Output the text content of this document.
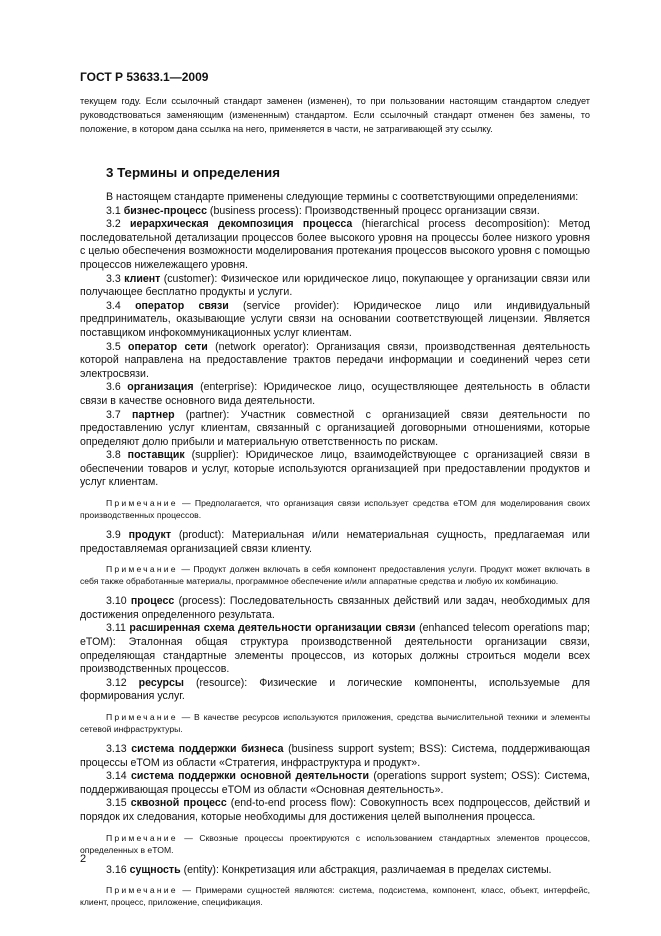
ГОСТ Р 53633.1—2009

текущем году. Если ссылочный стандарт заменен (изменен), то при пользовании настоящим стандартом следует руководствоваться заменяющим (измененным) стандартом. Если ссылочный стандарт отменен без замены, то положение, в котором дана ссылка на него, применяется в части, не затрагивающей эту ссылку.

3 Термины и определения

В настоящем стандарте применены следующие термины с соответствующими определениями:

3.1 бизнес-процесс (business process): Производственный процесс организации связи.

3.2 иерархическая декомпозиция процесса (hierarchical process decomposition): Метод последовательной детализации процессов более высокого уровня на процессы более низкого уровня с целью обеспечения возможности моделирования протекания процессов высокого уровня с помощью процессов нижележащего уровня.

3.3 клиент (customer): Физическое или юридическое лицо, покупающее у организации связи или получающее бесплатно продукты и услуги.

3.4 оператор связи (service provider): Юридическое лицо или индивидуальный предприниматель, оказывающие услуги связи на основании соответствующей лицензии. Является поставщиком инфокоммуникационных услуг клиентам.

3.5 оператор сети (network operator): Организация связи, производственная деятельность которой направлена на предоставление трактов передачи информации и соединений через сети электросвязи.

3.6 организация (enterprise): Юридическое лицо, осуществляющее деятельность в области связи в качестве основного вида деятельности.

3.7 партнер (partner): Участник совместной с организацией связи деятельности по предоставлению услуг клиентам, связанный с организацией договорными отношениями, которые определяют долю прибыли и материальную ответственность по рискам.

3.8 поставщик (supplier): Юридическое лицо, взаимодействующее с организацией связи в обеспечении товаров и услуг, которые используются организацией при предоставлении продуктов и услуг клиентам.

Примечание — Предполагается, что организация связи использует средства eTOM для моделирования своих производственных процессов.

3.9 продукт (product): Материальная и/или нематериальная сущность, предлагаемая или предоставляемая организацией связи клиенту.

Примечание — Продукт должен включать в себя компонент предоставления услуги. Продукт может включать в себя также обработанные материалы, программное обеспечение и/или аппаратные средства и любую их комбинацию.

3.10 процесс (process): Последовательность связанных действий или задач, необходимых для достижения определенного результата.

3.11 расширенная схема деятельности организации связи (enhanced telecom operations map; eTOM): Эталонная общая структура производственной деятельности организации связи, определяющая стандартные элементы процессов, из которых должны строиться модели всех производственных процессов.

3.12 ресурсы (resource): Физические и логические компоненты, используемые для формирования услуг.

Примечание — В качестве ресурсов используются приложения, средства вычислительной техники и элементы сетевой инфраструктуры.

3.13 система поддержки бизнеса (business support system; BSS): Система, поддерживающая процессы eTOM из области «Стратегия, инфраструктура и продукт».

3.14 система поддержки основной деятельности (operations support system; OSS): Система, поддерживающая процессы eTOM из области «Основная деятельность».

3.15 сквозной процесс (end-to-end process flow): Совокупность всех подпроцессов, действий и порядок их следования, которые необходимы для достижения целей выполнения процесса.

Примечание — Сквозные процессы проектируются с использованием стандартных элементов процессов, определенных в eTOM.

3.16 сущность (entity): Конкретизация или абстракция, различаемая в пределах системы.

Примечание — Примерами сущностей являются: система, подсистема, компонент, класс, объект, интерфейс, клиент, процесс, приложение, спецификация.

2
